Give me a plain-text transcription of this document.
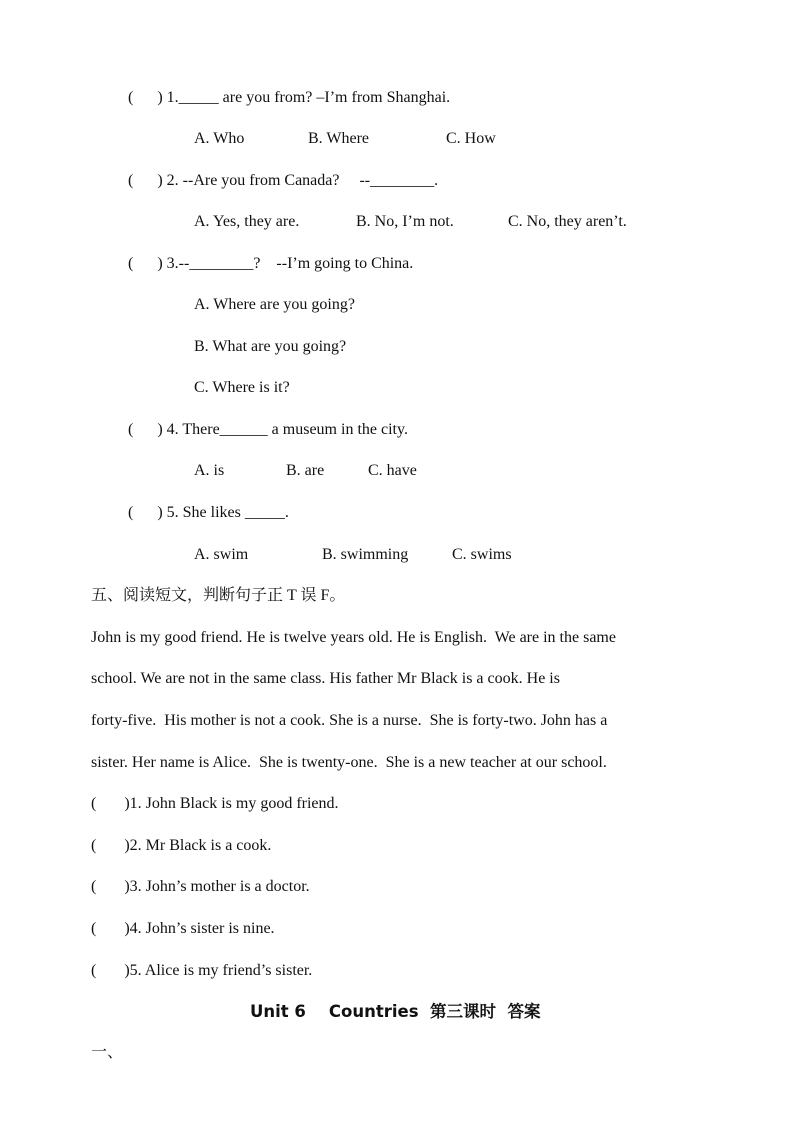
(      ) 1._____ are you from? –I’m from Shanghai.
A. Who	B. Where	C. How
(      ) 2. --Are you from Canada?     --________.
A. Yes, they are.	B. No, I’m not.	C. No, they aren’t.
(      ) 3.--________?    --I’m going to China.
A. Where are you going?
B. What are you going?
C. Where is it?
(      ) 4. There______ a museum in the city.
A. is	B. are	C. have
(      ) 5. She likes _____.
A. swim	B. swimming	C. swims
五、阅读短文，判断句子正 T 误 F。
John is my good friend. He is twelve years old. He is English.  We are in the same
school. We are not in the same class. His father Mr Black is a cook. He is
forty-five.  His mother is not a cook. She is a nurse.  She is forty-two. John has a
sister. Her name is Alice.  She is twenty-one.  She is a new teacher at our school.
(       )1. John Black is my good friend.
(       )2. Mr Black is a cook.
(       )3. John’s mother is a doctor.
(       )4. John’s sister is nine.
(       )5. Alice is my friend’s sister.
Unit 6    Countries  第三课时  答案
一、
